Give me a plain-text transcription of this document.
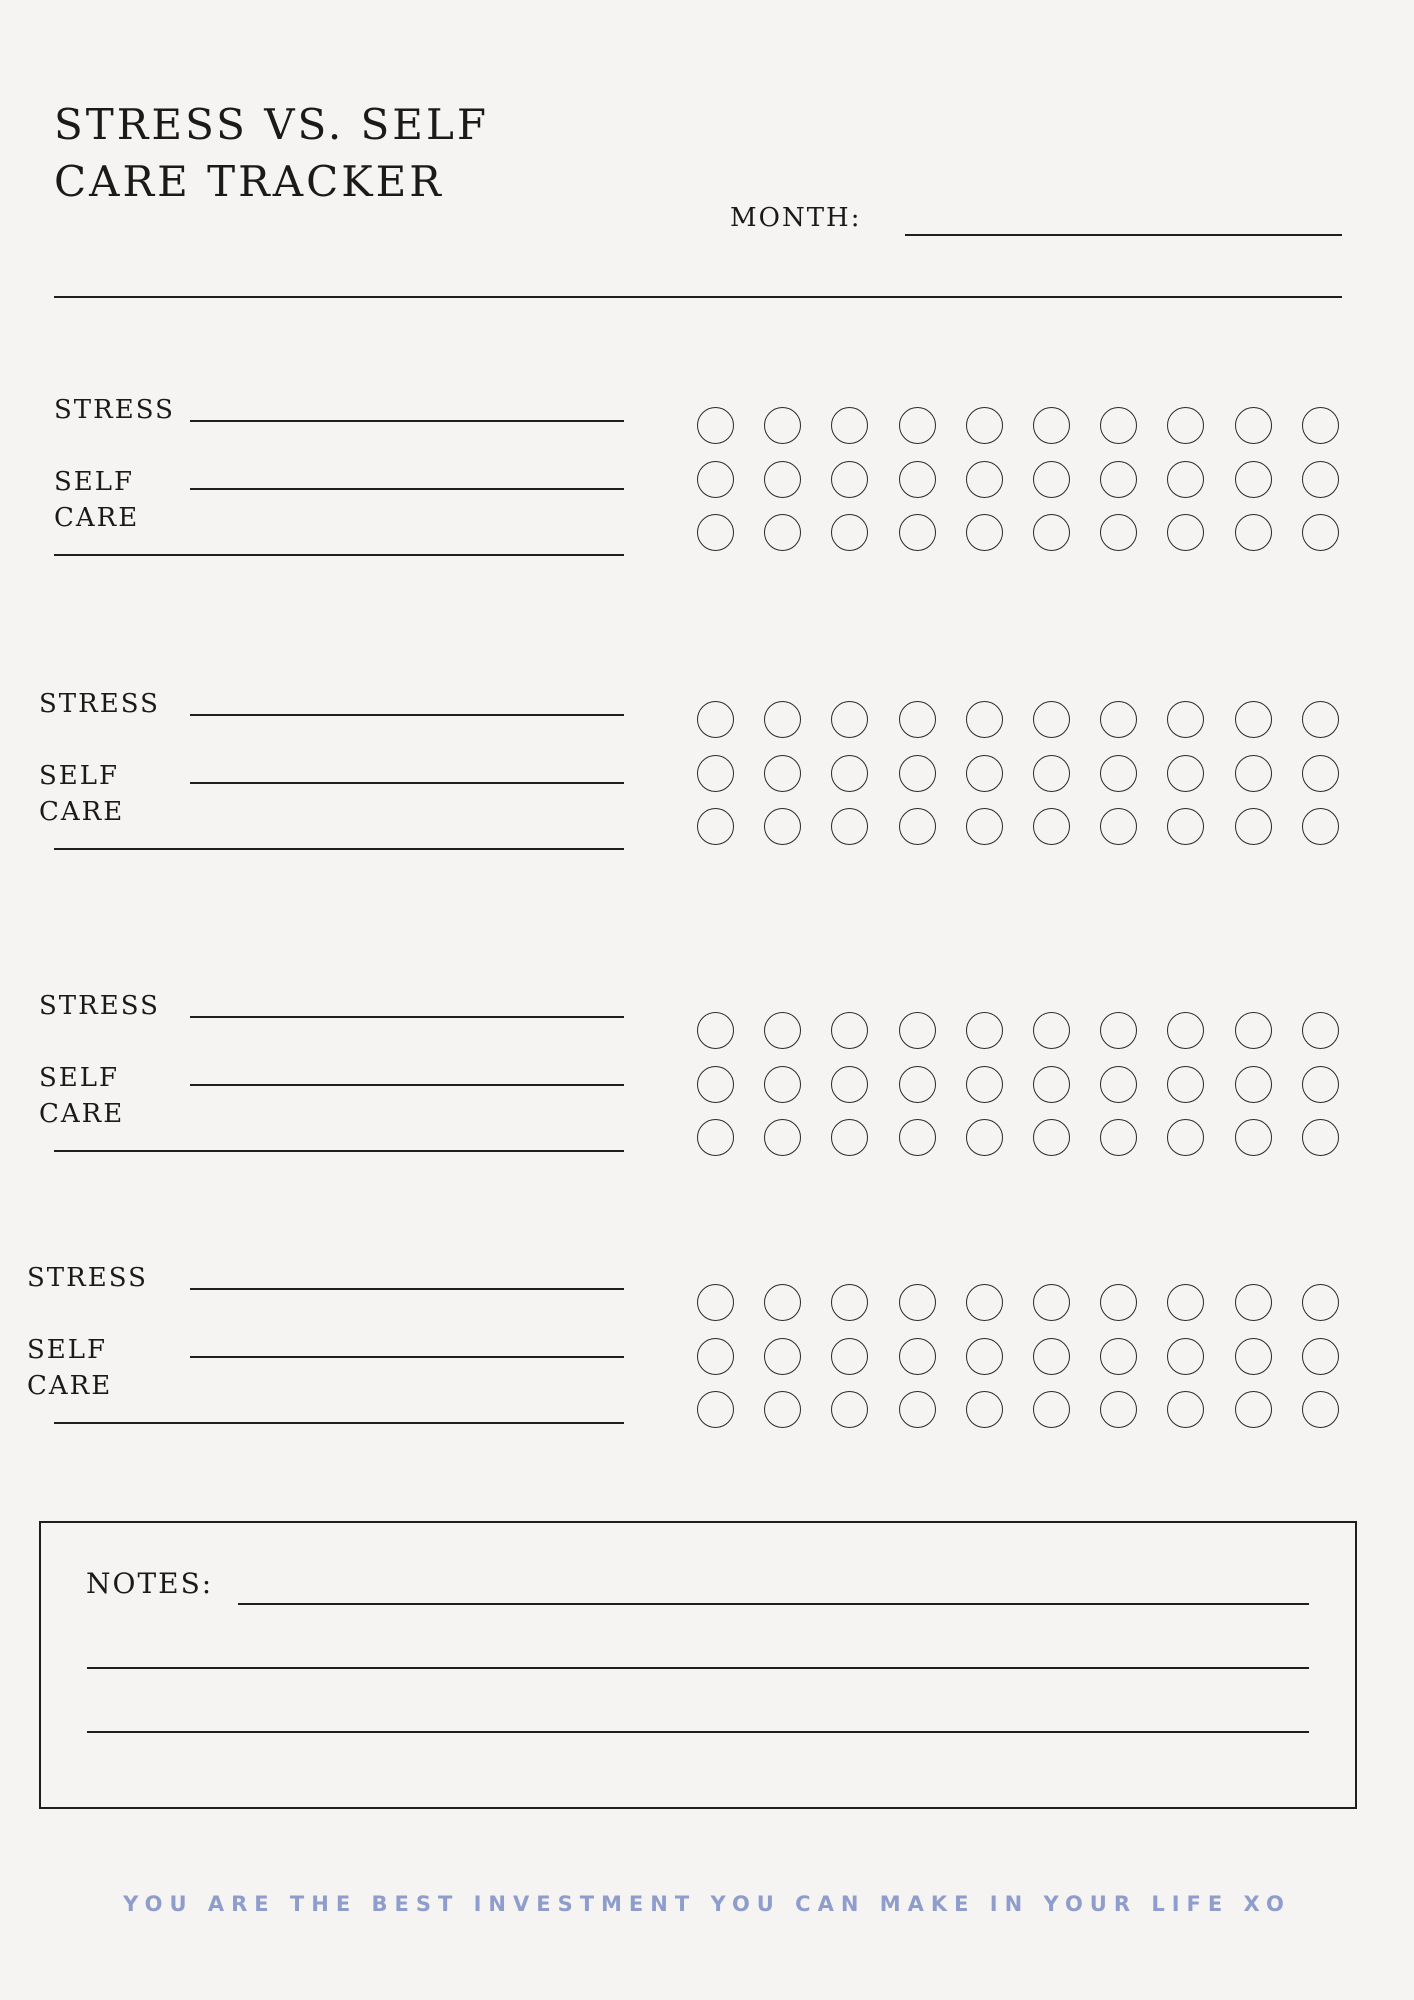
STRESS VS. SELF
CARE TRACKER
MONTH:
STRESS
SELF
CARE
STRESS
SELF
CARE
STRESS
SELF
CARE
STRESS
SELF
CARE
NOTES:
YOU ARE THE BEST INVESTMENT YOU CAN MAKE IN YOUR LIFE XO
